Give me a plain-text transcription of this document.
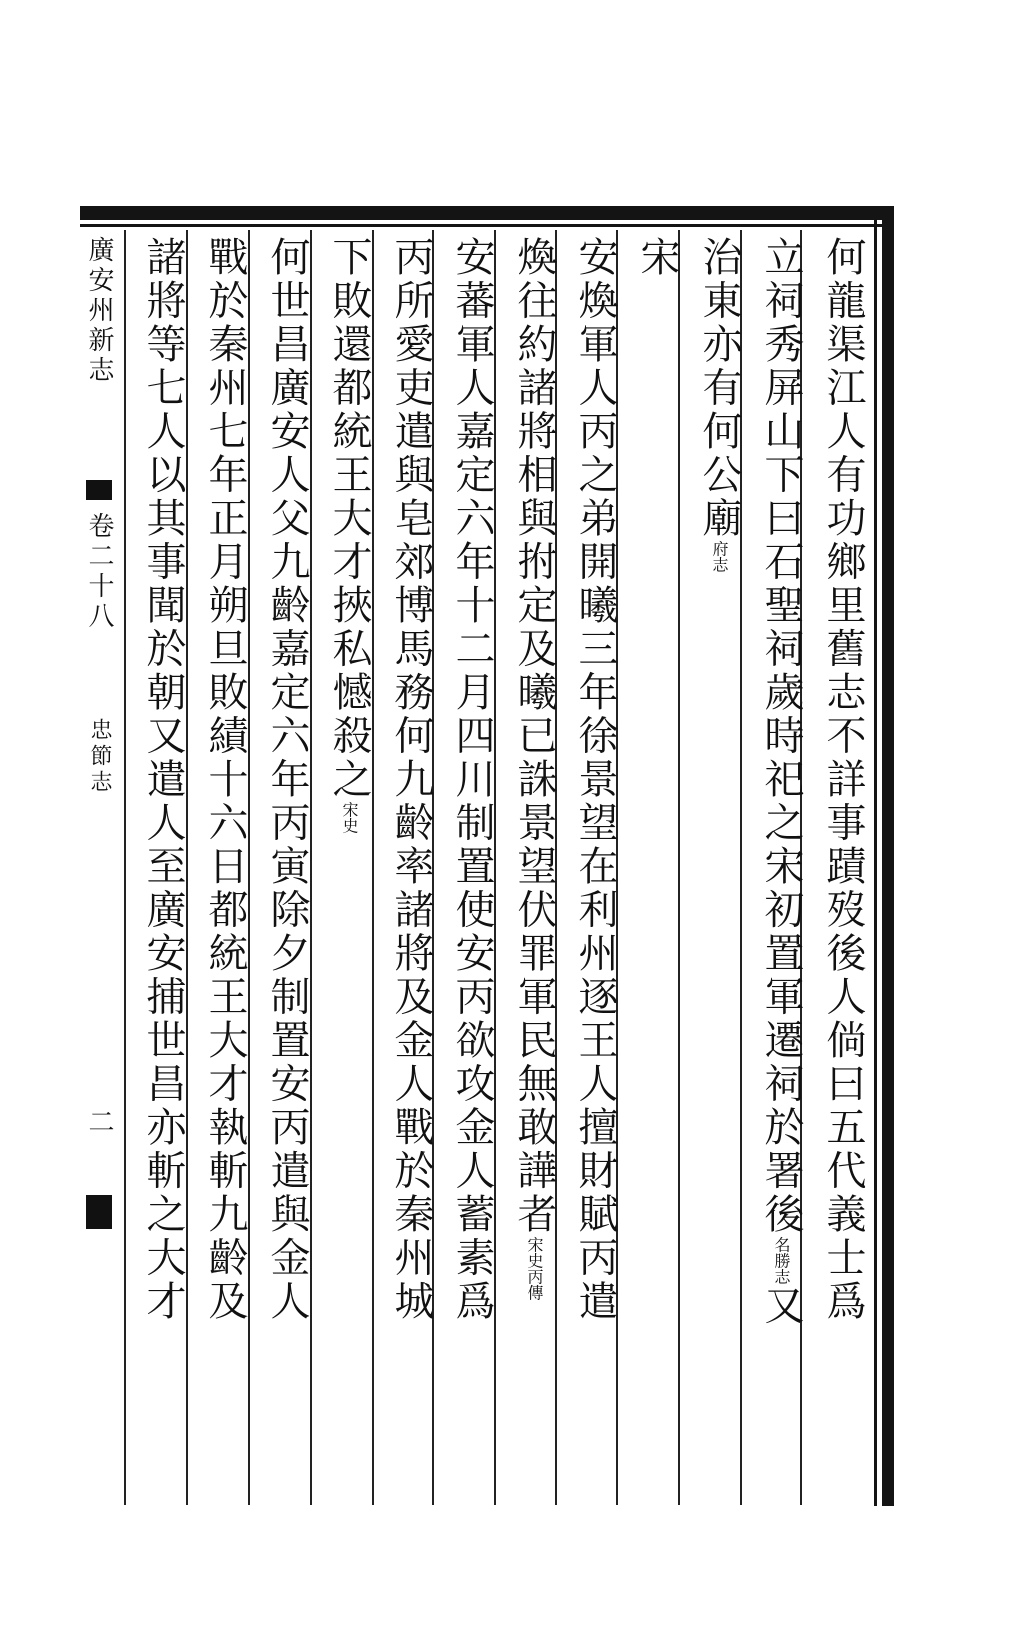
何龍渠江人有功鄉里舊志不詳事蹟歿後人倘曰五代義士爲
立祠秀屏山下曰石聖祠歲時祀之宋初置軍遷祠於署後名勝志又
治東亦有何公廟府志
宋
安煥軍人丙之弟開曦三年徐景望在利州逐王人擅財賦丙遣
煥往約諸將相與拊定及曦已誅景望伏罪軍民無敢譁者宋史丙傳
安蕃軍人嘉定六年十二月四川制置使安丙欲攻金人蓄素爲
丙所愛吏遣與皂郊博馬務何九齡率諸將及金人戰於秦州城
下敗還都統王大才挾私憾殺之宋史
何世昌廣安人父九齡嘉定六年丙寅除夕制置安丙遣與金人
戰於秦州七年正月朔旦敗績十六日都統王大才執斬九齡及
諸將等七人以其事聞於朝又遣人至廣安捕世昌亦斬之大才
廣安州新志
卷二十八
忠節志
二
